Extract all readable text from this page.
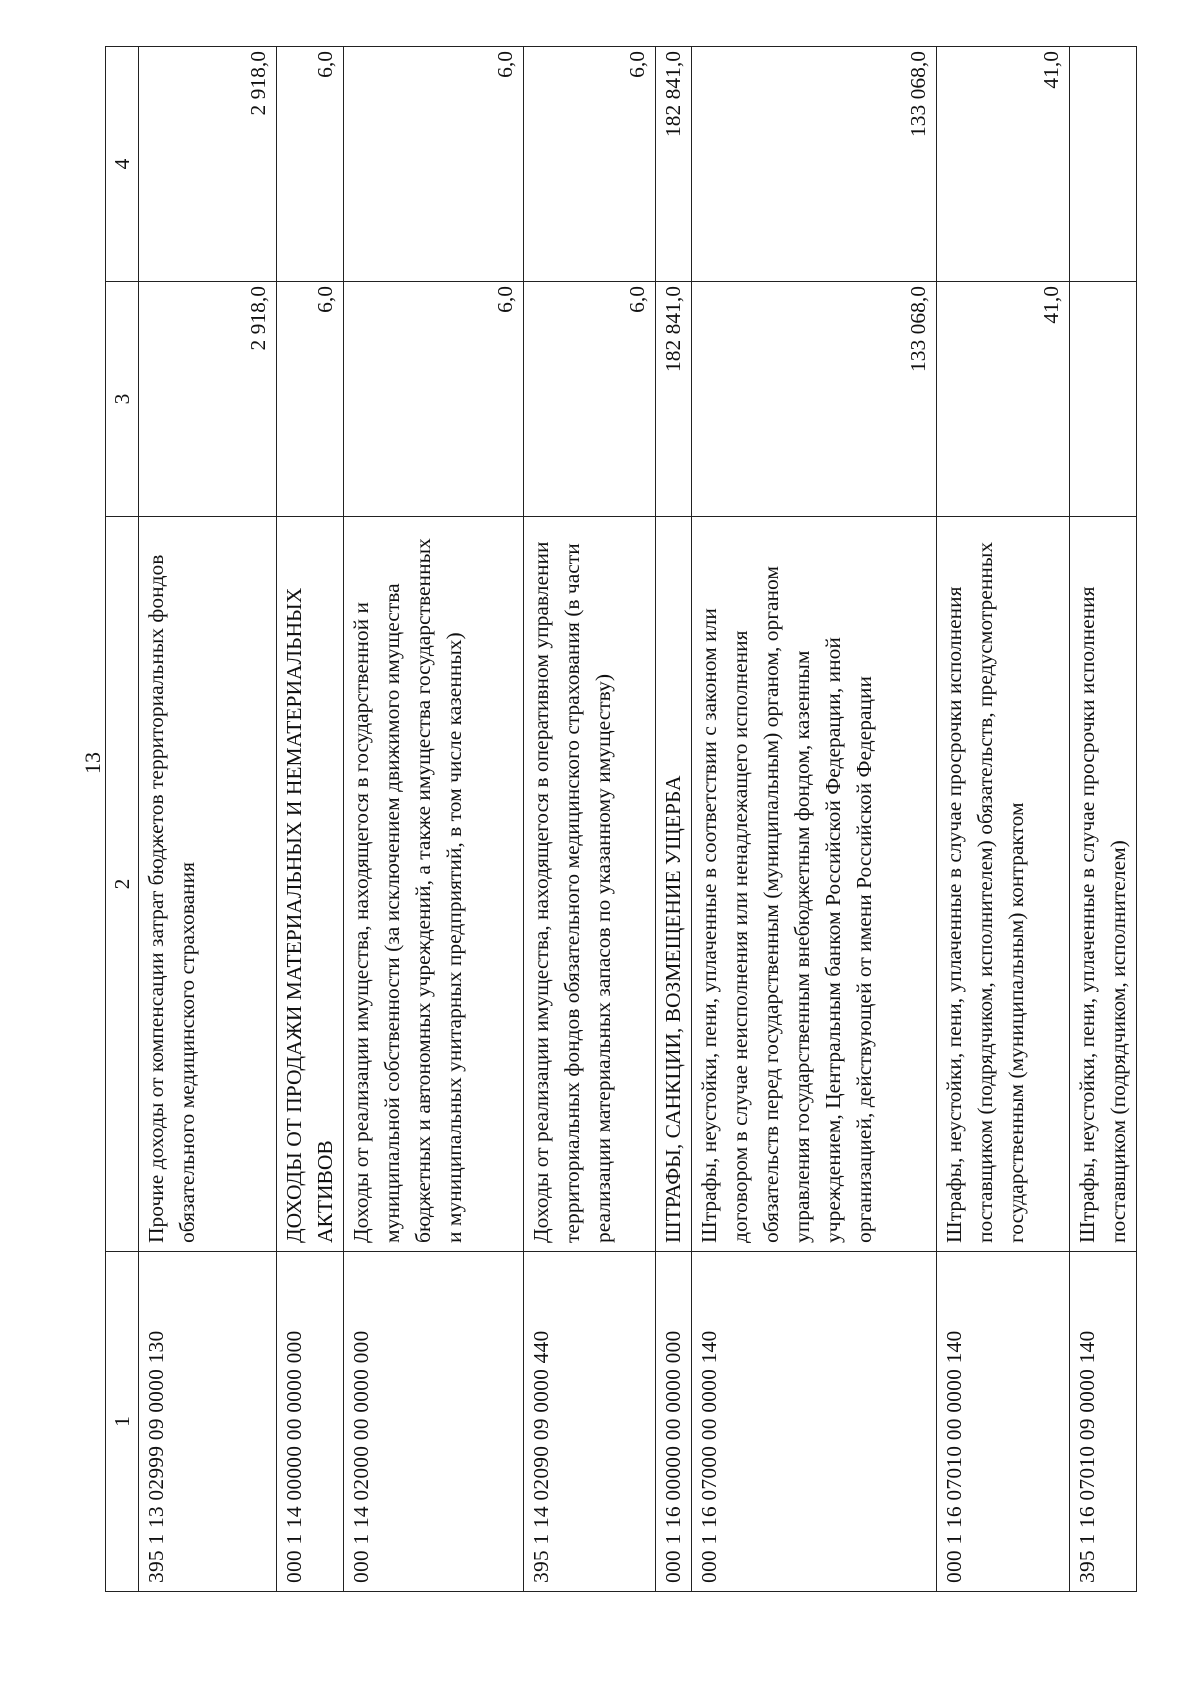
13
1	2	3	4
395 1 13 02999 09 0000 130	Прочие доходы от компенсации затрат бюджетов территориальных фондов обязательного медицинского страхования	2 918,0	2 918,0
000 1 14 00000 00 0000 000	ДОХОДЫ ОТ ПРОДАЖИ МАТЕРИАЛЬНЫХ И НЕМАТЕРИАЛЬНЫХ АКТИВОВ	6,0	6,0
000 1 14 02000 00 0000 000	Доходы от реализации имущества, находящегося в государственной и муниципальной собственности (за исключением движимого имущества бюджетных и автономных учреждений, а также имущества государственных и муниципальных унитарных предприятий, в том числе казенных)	6,0	6,0
395 1 14 02090 09 0000 440	Доходы от реализации имущества, находящегося в оперативном управлении территориальных фондов обязательного медицинского страхования (в части реализации материальных запасов по указанному имуществу)	6,0	6,0
000 1 16 00000 00 0000 000	ШТРАФЫ, САНКЦИИ, ВОЗМЕЩЕНИЕ УЩЕРБА	182 841,0	182 841,0
000 1 16 07000 00 0000 140	Штрафы, неустойки, пени, уплаченные в соответствии с законом или договором в случае неисполнения или ненадлежащего исполнения обязательств перед государственным (муниципальным) органом, органом управления государственным внебюджетным фондом, казенным учреждением, Центральным банком Российской Федерации, иной организацией, действующей от имени Российской Федерации	133 068,0	133 068,0
000 1 16 07010 00 0000 140	Штрафы, неустойки, пени, уплаченные в случае просрочки исполнения поставщиком (подрядчиком, исполнителем) обязательств, предусмотренных государственным (муниципальным) контрактом	41,0	41,0
395 1 16 07010 09 0000 140	Штрафы, неустойки, пени, уплаченные в случае просрочки исполнения поставщиком (подрядчиком, исполнителем)		
